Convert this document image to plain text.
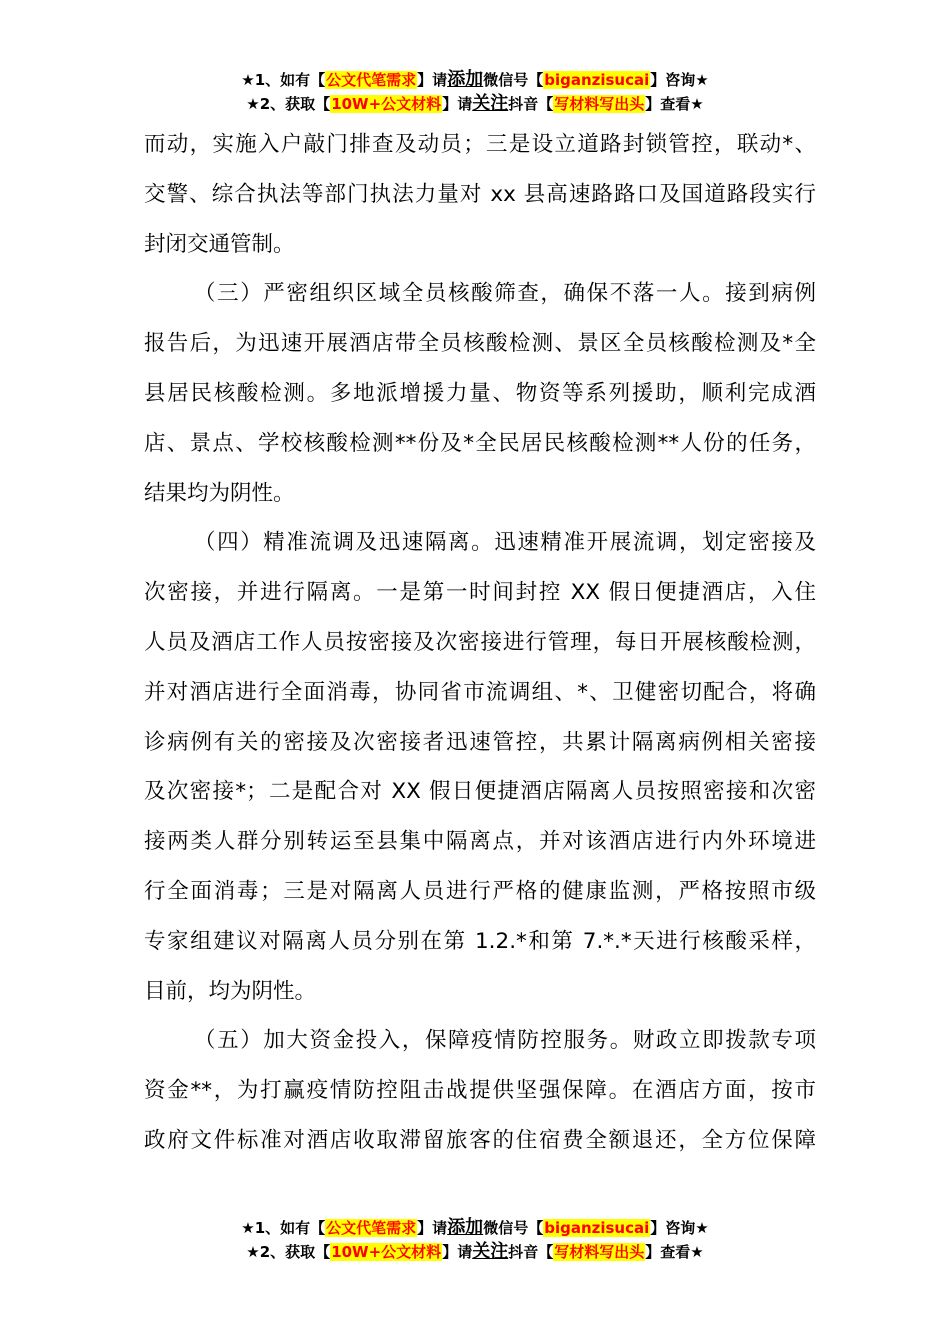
★1、如有【公文代笔需求】请添加微信号【biganzisucai】咨询★
★2、获取【10W+公文材料】请关注抖音【写材料写出头】查看★
而动，实施入户敲门排查及动员；三是设立道路封锁管控，联动*、
交警、综合执法等部门执法力量对 xx 县高速路路口及国道路段实行
封闭交通管制。
（三）严密组织区域全员核酸筛查，确保不落一人。接到病例
报告后，为迅速开展酒店带全员核酸检测、景区全员核酸检测及*全
县居民核酸检测。多地派增援力量、物资等系列援助，顺利完成酒
店、景点、学校核酸检测**份及*全民居民核酸检测**人份的任务，
结果均为阴性。
（四）精准流调及迅速隔离。迅速精准开展流调，划定密接及
次密接，并进行隔离。一是第一时间封控 XX 假日便捷酒店，入住
人员及酒店工作人员按密接及次密接进行管理，每日开展核酸检测，
并对酒店进行全面消毒，协同省市流调组、*、卫健密切配合，将确
诊病例有关的密接及次密接者迅速管控，共累计隔离病例相关密接
及次密接*；二是配合对 XX 假日便捷酒店隔离人员按照密接和次密
接两类人群分别转运至县集中隔离点，并对该酒店进行内外环境进
行全面消毒；三是对隔离人员进行严格的健康监测，严格按照市级
专家组建议对隔离人员分别在第 1.2.*和第 7.*.*天进行核酸采样，
目前，均为阴性。
（五）加大资金投入，保障疫情防控服务。财政立即拨款专项
资金**，为打赢疫情防控阻击战提供坚强保障。在酒店方面，按市
政府文件标准对酒店收取滞留旅客的住宿费全额退还，全方位保障
★1、如有【公文代笔需求】请添加微信号【biganzisucai】咨询★
★2、获取【10W+公文材料】请关注抖音【写材料写出头】查看★
